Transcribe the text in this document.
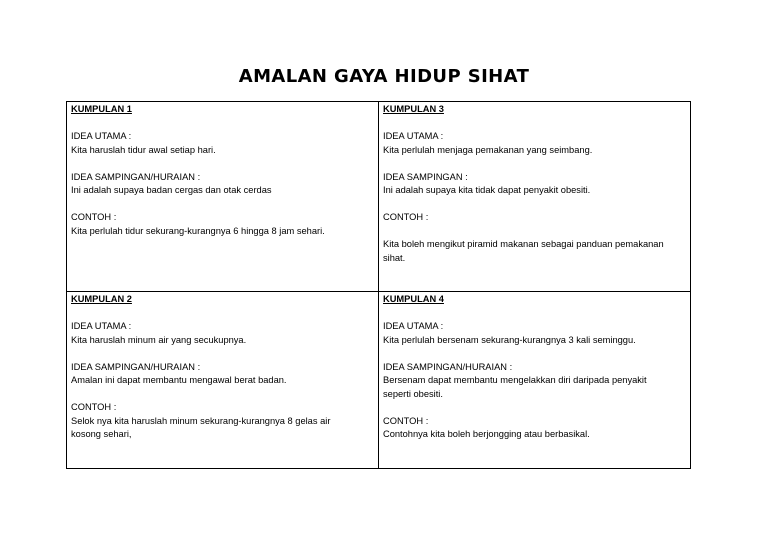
AMALAN GAYA HIDUP SIHAT
KUMPULAN 1
IDEA UTAMA :
Kita haruslah tidur awal setiap hari.
IDEA SAMPINGAN/HURAIAN :
Ini adalah supaya badan cergas dan otak cerdas
CONTOH :
Kita perlulah tidur sekurang-kurangnya 6 hingga 8 jam sehari.
KUMPULAN 3
IDEA UTAMA :
Kita perlulah menjaga pemakanan yang seimbang.
IDEA SAMPINGAN :
Ini adalah supaya kita tidak dapat penyakit obesiti.
CONTOH :
Kita boleh mengikut piramid makanan sebagai panduan pemakanan
sihat.
KUMPULAN 2
IDEA UTAMA :
Kita haruslah minum air yang secukupnya.
IDEA SAMPINGAN/HURAIAN :
Amalan ini dapat membantu mengawal berat badan.
CONTOH :
Selok nya kita haruslah minum sekurang-kurangnya 8 gelas air
kosong sehari,
KUMPULAN 4
IDEA UTAMA :
Kita perlulah bersenam sekurang-kurangnya 3 kali seminggu.
IDEA SAMPINGAN/HURAIAN :
Bersenam dapat membantu mengelakkan diri daripada penyakit
seperti obesiti.
CONTOH :
Contohnya kita boleh berjongging atau berbasikal.
